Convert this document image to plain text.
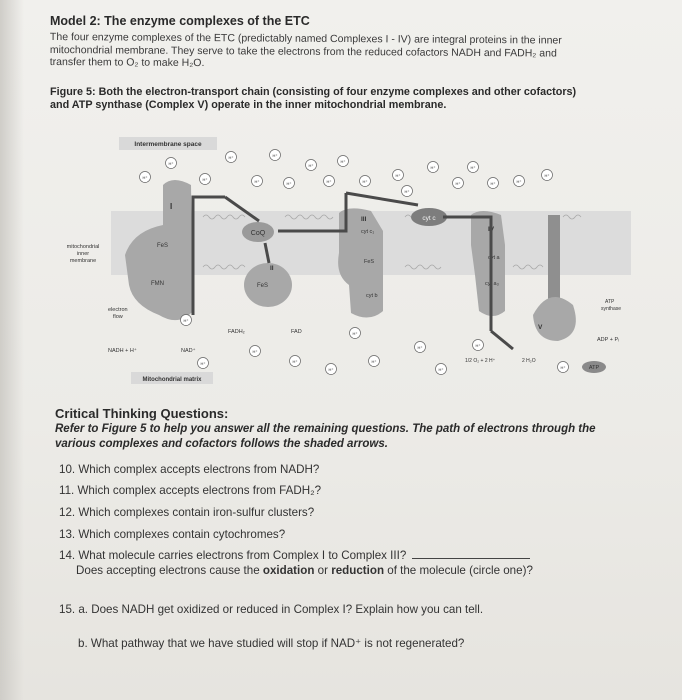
Model 2: The enzyme complexes of the ETC
The four enzyme complexes of the ETC (predictably named Complexes I - IV) are integral proteins in the inner mitochondrial membrane. They serve to take the electrons from the reduced cofactors NADH and FADH₂ and transfer them to O₂ to make H₂O.
Figure 5: Both the electron-transport chain (consisting of four enzyme complexes and other cofactors) and ATP synthase (Complex V) operate in the inner mitochondrial membrane.
Intermembrane space
mitochondrial
inner
membrane
I
FeS
FMN
CoQ
II
FeS
III
cyt c₁
FeS
cyt b
cyt c
IV
cyt a
cyt a₃
V
ATP
synthase
ADP + Pᵢ
ATP
electron
flow
NADH + H⁺	NAD⁺
FADH₂	FAD
1/2 O₂ + 2 H⁺	2 H₂O
Mitochondrial matrix
H⁺
H⁺
H⁺
H⁺
H⁺
H⁺
H⁺
H⁺
H⁺
H⁺
H⁺
H⁺
H⁺
H⁺
H⁺
H⁺
H⁺	H⁺
H⁺
H⁺
H⁺
H⁺
H⁺
H⁺
H⁺
H⁺
H⁺
H⁺
H⁺
H⁺
Critical Thinking Questions:
Refer to Figure 5 to help you answer all the remaining questions. The path of electrons through the various complexes and cofactors follows the shaded arrows.
10. Which complex accepts electrons from NADH?
11. Which complex accepts electrons from FADH₂?
12. Which complexes contain iron-sulfur clusters?
13. Which complexes contain cytochromes?
14. What molecule carries electrons from Complex I to Complex III?
Does accepting electrons cause the oxidation or reduction of the molecule (circle one)?
15. a. Does NADH get oxidized or reduced in Complex I? Explain how you can tell.
b. What pathway that we have studied will stop if NAD⁺ is not regenerated?
